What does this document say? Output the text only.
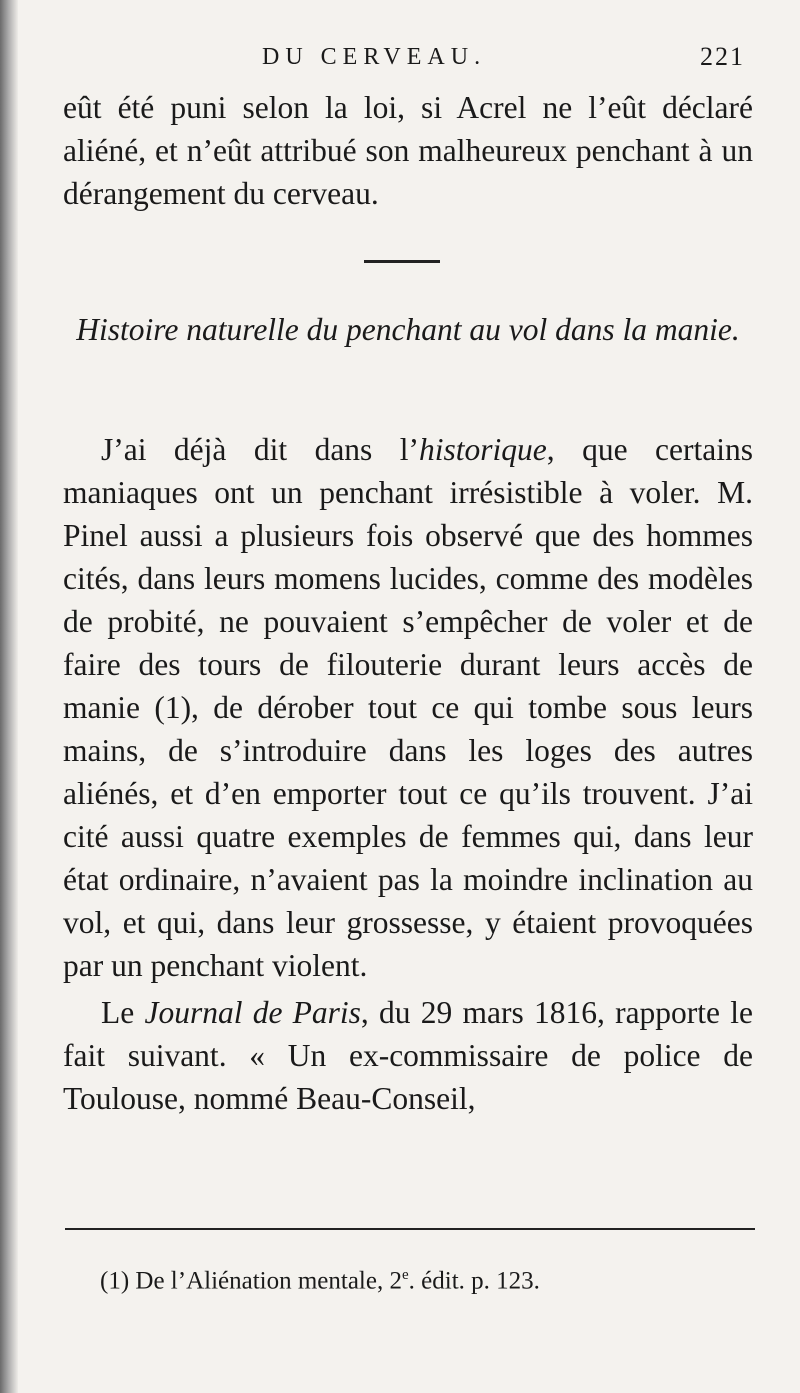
DU CERVEAU.	221

eût été puni selon la loi, si Acrel ne l’eût déclaré aliéné, et n’eût attribué son malheureux penchant à un dérangement du cerveau.

Histoire naturelle du penchant au vol dans la manie.

J’ai déjà dit dans l’historique, que certains maniaques ont un penchant irrésistible à voler. M. Pinel aussi a plusieurs fois observé que des hommes cités, dans leurs momens lucides, comme des modèles de probité, ne pouvaient s’empêcher de voler et de faire des tours de filouterie durant leurs accès de manie (1), de dérober tout ce qui tombe sous leurs mains, de s’introduire dans les loges des autres aliénés, et d’en emporter tout ce qu’ils trouvent. J’ai cité aussi quatre exemples de femmes qui, dans leur état ordinaire, n’avaient pas la moindre inclination au vol, et qui, dans leur grossesse, y étaient provoquées par un penchant violent.

Le Journal de Paris, du 29 mars 1816, rapporte le fait suivant. « Un ex-commissaire de police de Toulouse, nommé Beau-Conseil,

(1) De l’Aliénation mentale, 2e. édit. p. 123.
